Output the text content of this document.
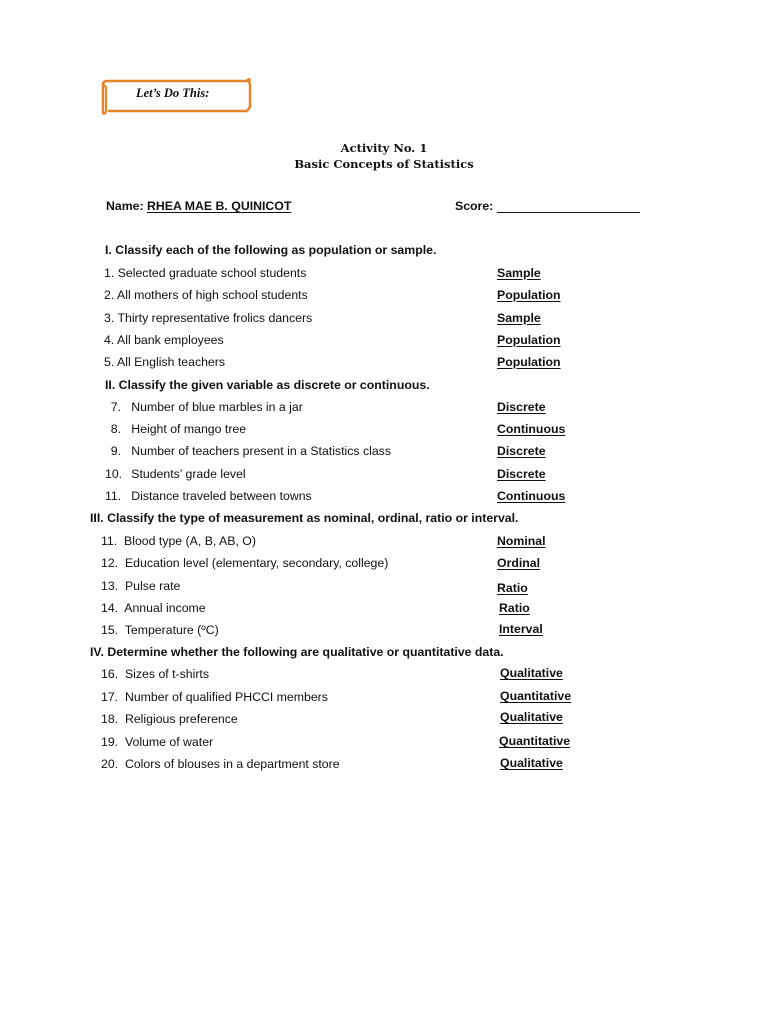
Let’s Do This:
Activity No. 1
Basic Concepts of Statistics
Name: RHEA MAE B. QUINICOT	Score:
I. Classify each of the following as population or sample.
1. Selected graduate school students	Sample
2. All mothers of high school students	Population
3. Thirty representative frolics dancers	Sample
4. All bank employees	Population
5. All English teachers	Population
II. Classify the given variable as discrete or continuous.
7. Number of blue marbles in a jar	Discrete
8. Height of mango tree	Continuous
9. Number of teachers present in a Statistics class	Discrete
10. Students’ grade level	Discrete
11. Distance traveled between towns	Continuous
III. Classify the type of measurement as nominal, ordinal, ratio or interval.
11. Blood type (A, B, AB, O)	Nominal
12. Education level (elementary, secondary, college)	Ordinal
13. Pulse rate	Ratio
14. Annual income	Ratio
15. Temperature (ºC)	Interval
IV. Determine whether the following are qualitative or quantitative data.
16. Sizes of t-shirts	Qualitative
17. Number of qualified PHCCI members	Quantitative
18. Religious preference	Qualitative
19. Volume of water	Quantitative
20. Colors of blouses in a department store	Qualitative
